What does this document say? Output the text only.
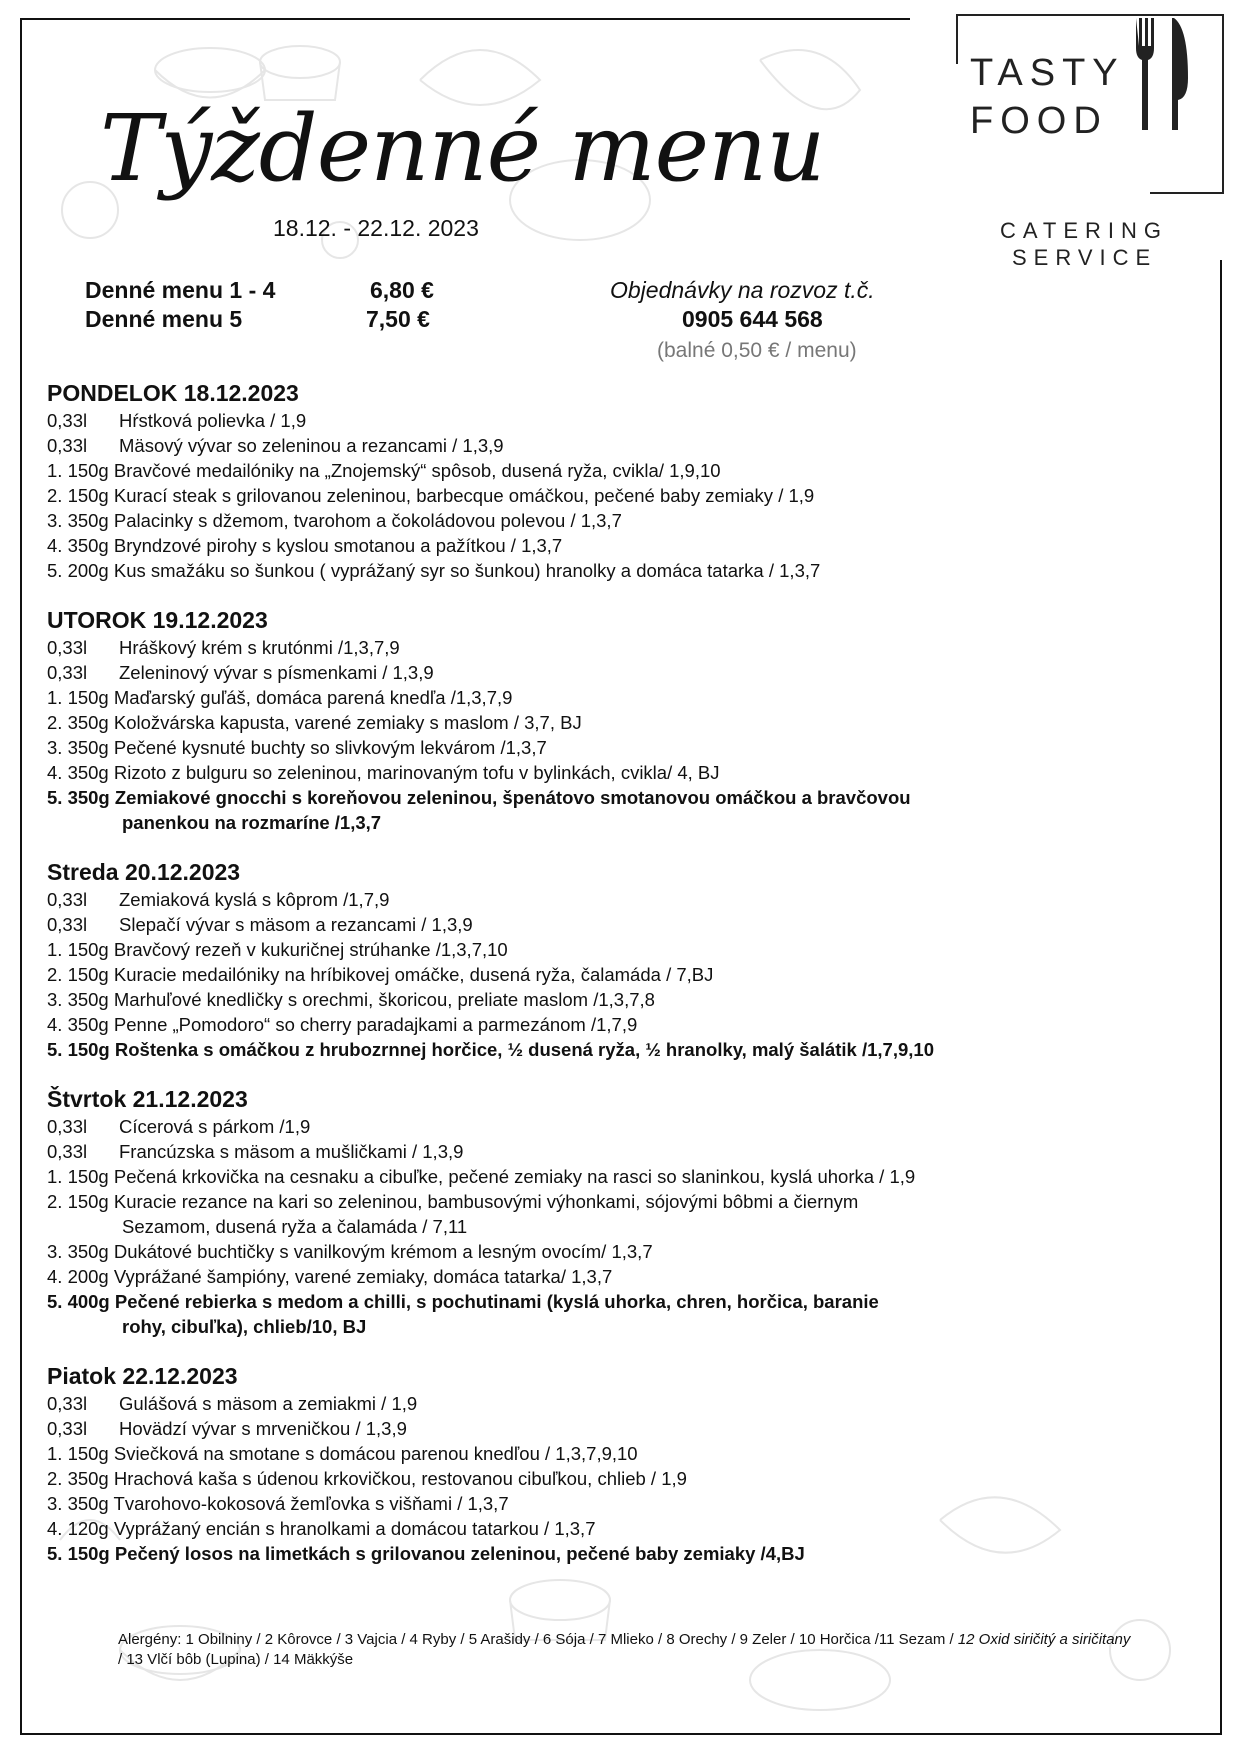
Týždenné menu
18.12. - 22.12. 2023
TASTY
FOOD
CATERING
SERVICE
Denné menu 1 - 4	6,80 €
Denné menu 5	7,50 €
Objednávky na rozvoz t.č.
0905 644 568
(balné 0,50 € / menu)
PONDELOK 18.12.2023
0,33l Hŕstková polievka / 1,9
0,33l Mäsový vývar so zeleninou a rezancami / 1,3,9
1. 150g Bravčové medailóniky na „Znojemský“ spôsob, dusená ryža, cvikla/ 1,9,10
2. 150g Kurací steak s grilovanou zeleninou, barbecque omáčkou, pečené baby zemiaky / 1,9
3. 350g Palacinky s džemom, tvarohom a čokoládovou polevou / 1,3,7
4. 350g Bryndzové pirohy s kyslou smotanou a pažítkou / 1,3,7
5. 200g Kus smažáku so šunkou ( vyprážaný syr so šunkou) hranolky a domáca tatarka / 1,3,7
UTOROK 19.12.2023
0,33l Hráškový krém s krutónmi /1,3,7,9
0,33l Zeleninový vývar s písmenkami / 1,3,9
1. 150g Maďarský guľáš, domáca parená knedľa /1,3,7,9
2. 350g Koložvárska kapusta, varené zemiaky s maslom / 3,7, BJ
3. 350g Pečené kysnuté buchty so slivkovým lekvárom /1,3,7
4. 350g Rizoto z bulguru so zeleninou, marinovaným tofu v bylinkách, cvikla/ 4, BJ
5. 350g Zemiakové gnocchi s koreňovou zeleninou, špenátovo smotanovou omáčkou a bravčovou
panenkou na rozmaríne /1,3,7
Streda 20.12.2023
0,33l Zemiaková kyslá s kôprom /1,7,9
0,33l Slepačí vývar s mäsom a rezancami / 1,3,9
1. 150g Bravčový rezeň v kukuričnej strúhanke /1,3,7,10
2. 150g Kuracie medailóniky na hríbikovej omáčke, dusená ryža, čalamáda / 7,BJ
3. 350g Marhuľové knedličky s orechmi, škoricou, preliate maslom /1,3,7,8
4. 350g Penne „Pomodoro“ so cherry paradajkami a parmezánom /1,7,9
5. 150g Roštenka s omáčkou z hrubozrnnej horčice, ½ dusená ryža, ½ hranolky, malý šalátik /1,7,9,10
Štvrtok 21.12.2023
0,33l Cícerová s párkom /1,9
0,33l Francúzska s mäsom a mušličkami / 1,3,9
1. 150g Pečená krkovička na cesnaku a cibuľke, pečené zemiaky na rasci so slaninkou, kyslá uhorka / 1,9
2. 150g Kuracie rezance na kari so zeleninou, bambusovými výhonkami, sójovými bôbmi a čiernym
Sezamom, dusená ryža a čalamáda / 7,11
3. 350g Dukátové buchtičky s vanilkovým krémom a lesným ovocím/ 1,3,7
4. 200g Vyprážané šampióny, varené zemiaky, domáca tatarka/ 1,3,7
5. 400g Pečené rebierka s medom a chilli, s pochutinami (kyslá uhorka, chren, horčica, baranie
rohy, cibuľka), chlieb/10, BJ
Piatok 22.12.2023
0,33l Gulášová s mäsom a zemiakmi / 1,9
0,33l Hovädzí vývar s mrveničkou / 1,3,9
1. 150g Sviečková na smotane s domácou parenou knedľou / 1,3,7,9,10
2. 350g Hrachová kaša s údenou krkovičkou, restovanou cibuľkou, chlieb / 1,9
3. 350g Tvarohovo-kokosová žemľovka s višňami / 1,3,7
4. 120g Vyprážaný encián s hranolkami a domácou tatarkou / 1,3,7
5. 150g Pečený losos na limetkách s grilovanou zeleninou, pečené baby zemiaky /4,BJ
Alergény: 1 Obilniny / 2 Kôrovce / 3 Vajcia / 4 Ryby / 5 Arašidy / 6 Sója / 7 Mlieko / 8 Orechy / 9 Zeler / 10 Horčica /11 Sezam / 12 Oxid siričitý a siričitany / 13 Vlčí bôb (Lupina) / 14 Mäkkýše
